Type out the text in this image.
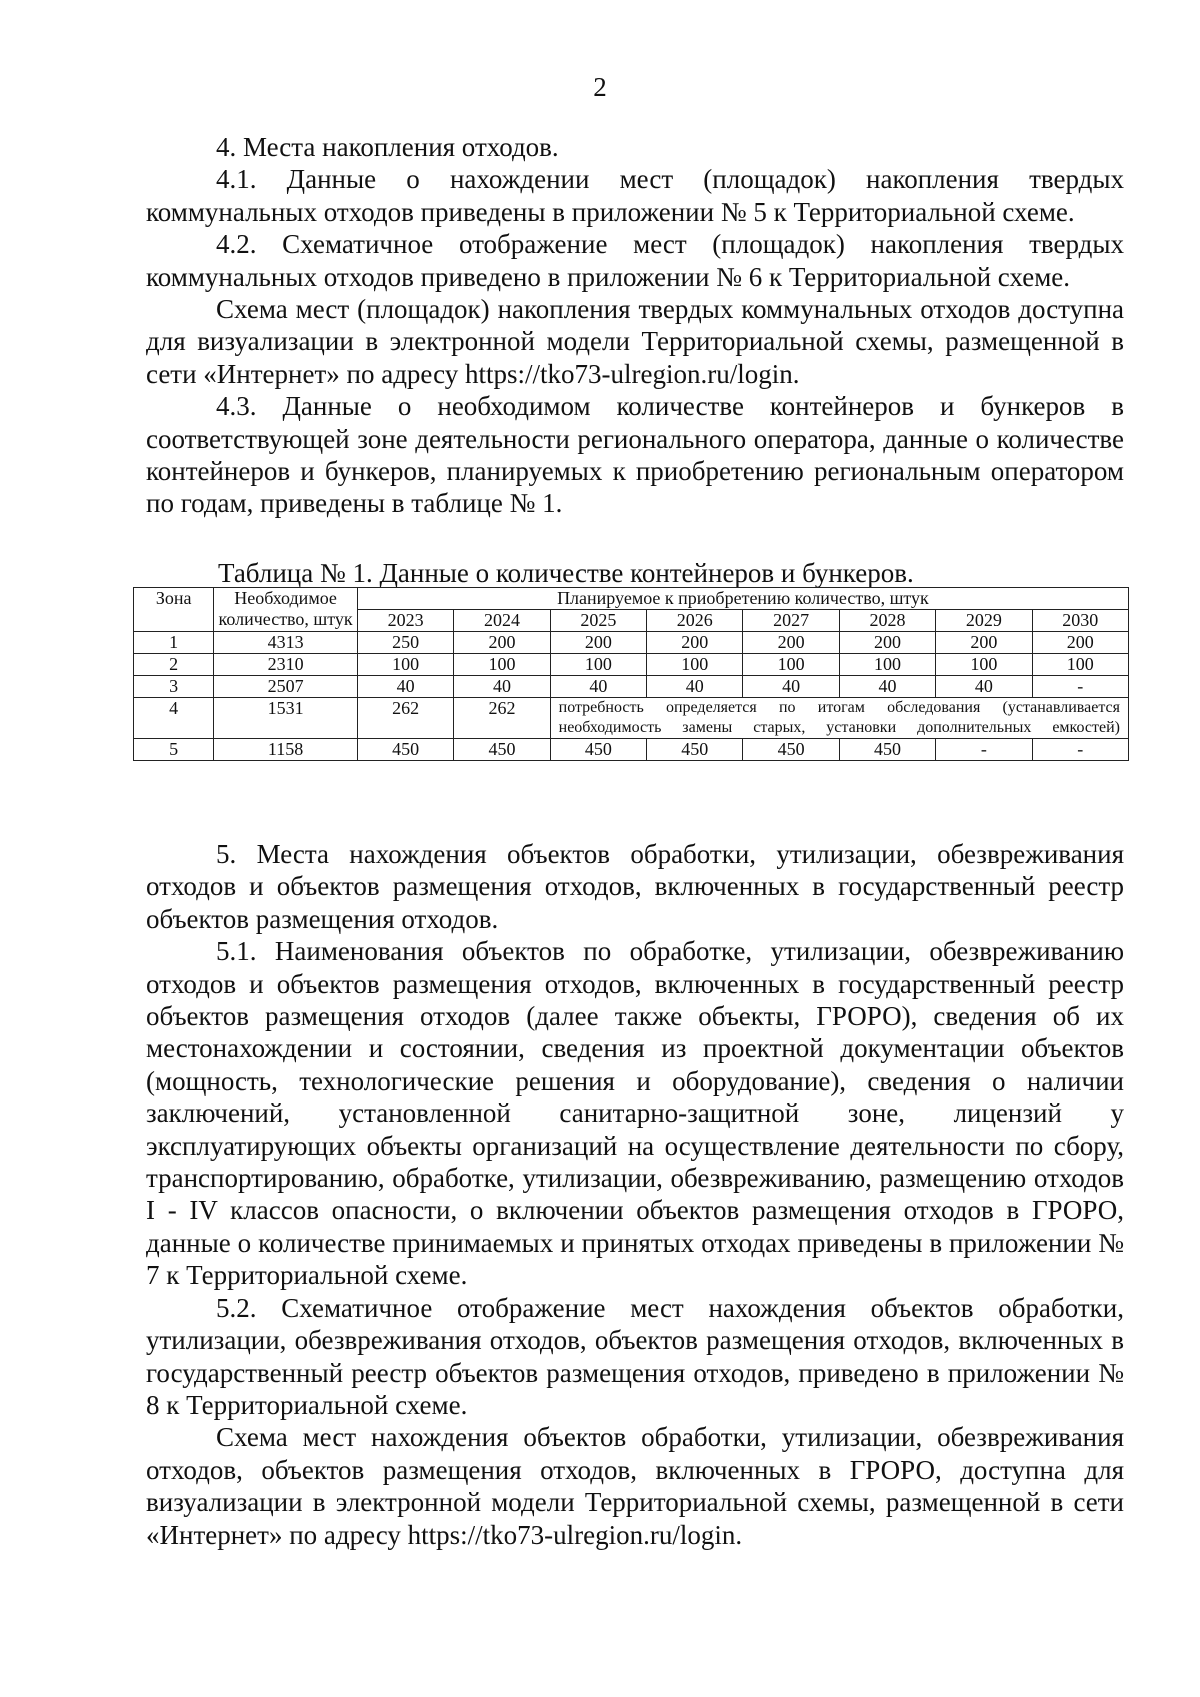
2

4. Места накопления отходов.

4.1. Данные о нахождении мест (площадок) накопления твердых коммунальных отходов приведены в приложении № 5 к Территориальной схеме.

4.2. Схематичное отображение мест (площадок) накопления твердых коммунальных отходов приведено в приложении № 6 к Территориальной схеме.

Схема мест (площадок) накопления твердых коммунальных отходов доступна для визуализации в электронной модели Территориальной схемы, размещенной в сети «Интернет» по адресу https://tko73-ulregion.ru/login.

4.3. Данные о необходимом количестве контейнеров и бункеров в соответствующей зоне деятельности регионального оператора, данные о количестве контейнеров и бункеров, планируемых к приобретению региональным оператором по годам, приведены в таблице № 1.

Таблица № 1. Данные о количестве контейнеров и бункеров.
Зона	Необходимое количество, штук	Планируемое к приобретению количество, штук							
		2023	2024	2025	2026	2027	2028	2029	2030
1	4313	250	200	200	200	200	200	200	200
2	2310	100	100	100	100	100	100	100	100
3	2507	40	40	40	40	40	40	40	-
4	1531	262	262	потребность определяется по итогам обследования (устанавливается необходимость замены старых, установки дополнительных емкостей)					
5	1158	450	450	450	450	450	450	-	-

5. Места нахождения объектов обработки, утилизации, обезвреживания отходов и объектов размещения отходов, включенных в государственный реестр объектов размещения отходов.

5.1. Наименования объектов по обработке, утилизации, обезвреживанию отходов и объектов размещения отходов, включенных в государственный реестр объектов размещения отходов (далее также объекты, ГРОРО), сведения об их местонахождении и состоянии, сведения из проектной документации объектов (мощность, технологические решения и оборудование), сведения о наличии заключений, установленной санитарно-защитной зоне, лицензий у эксплуатирующих объекты организаций на осуществление деятельности по сбору, транспортированию, обработке, утилизации, обезвреживанию, размещению отходов I - IV классов опасности, о включении объектов размещения отходов в ГРОРО, данные о количестве принимаемых и принятых отходах приведены в приложении № 7 к Территориальной схеме.

5.2. Схематичное отображение мест нахождения объектов обработки, утилизации, обезвреживания отходов, объектов размещения отходов, включенных в государственный реестр объектов размещения отходов, приведено в приложении № 8 к Территориальной схеме.

Схема мест нахождения объектов обработки, утилизации, обезвреживания отходов, объектов размещения отходов, включенных в ГРОРО, доступна для визуализации в электронной модели Территориальной схемы, размещенной в сети «Интернет» по адресу https://tko73-ulregion.ru/login.
